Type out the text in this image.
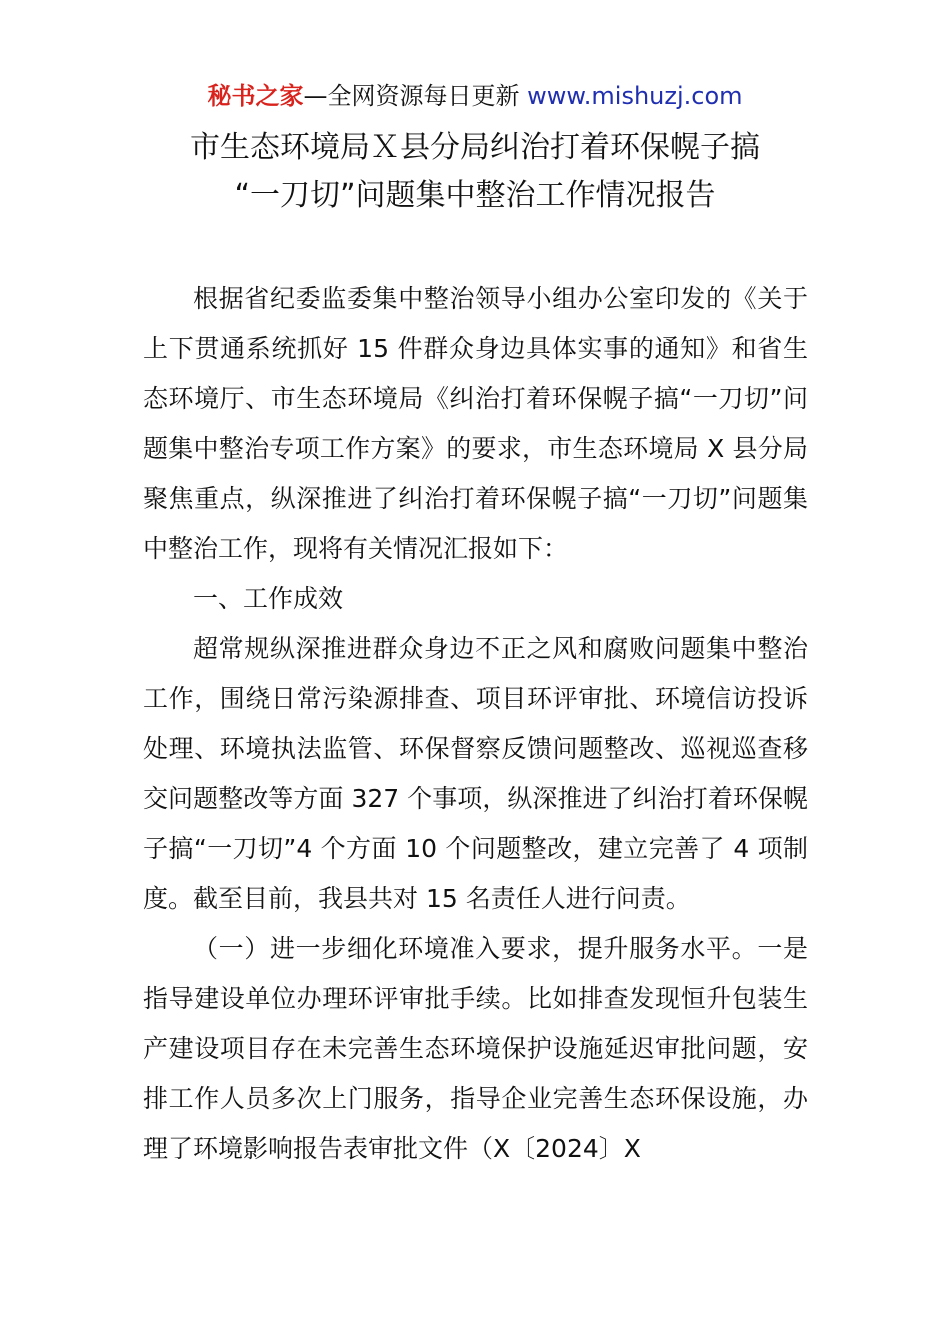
秘书之家—全网资源每日更新 www.mishuzj.com
市生态环境局Ｘ县分局纠治打着环保幌子搞
“一刀切”问题集中整治工作情况报告

根据省纪委监委集中整治领导小组办公室印发的《关于上下贯通系统抓好 15 件群众身边具体实事的通知》和省生态环境厅、市生态环境局《纠治打着环保幌子搞“一刀切”问题集中整治专项工作方案》的要求，市生态环境局 X 县分局聚焦重点，纵深推进了纠治打着环保幌子搞“一刀切”问题集中整治工作，现将有关情况汇报如下：

一、工作成效

超常规纵深推进群众身边不正之风和腐败问题集中整治工作，围绕日常污染源排查、项目环评审批、环境信访投诉处理、环境执法监管、环保督察反馈问题整改、巡视巡查移交问题整改等方面 327 个事项，纵深推进了纠治打着环保幌子搞“一刀切”4 个方面 10 个问题整改，建立完善了 4 项制度。截至目前，我县共对 15 名责任人进行问责。

（一）进一步细化环境准入要求，提升服务水平。一是指导建设单位办理环评审批手续。比如排查发现恒升包装生产建设项目存在未完善生态环境保护设施延迟审批问题，安排工作人员多次上门服务，指导企业完善生态环保设施，办理了环境影响报告表审批文件（X〔2024〕X
